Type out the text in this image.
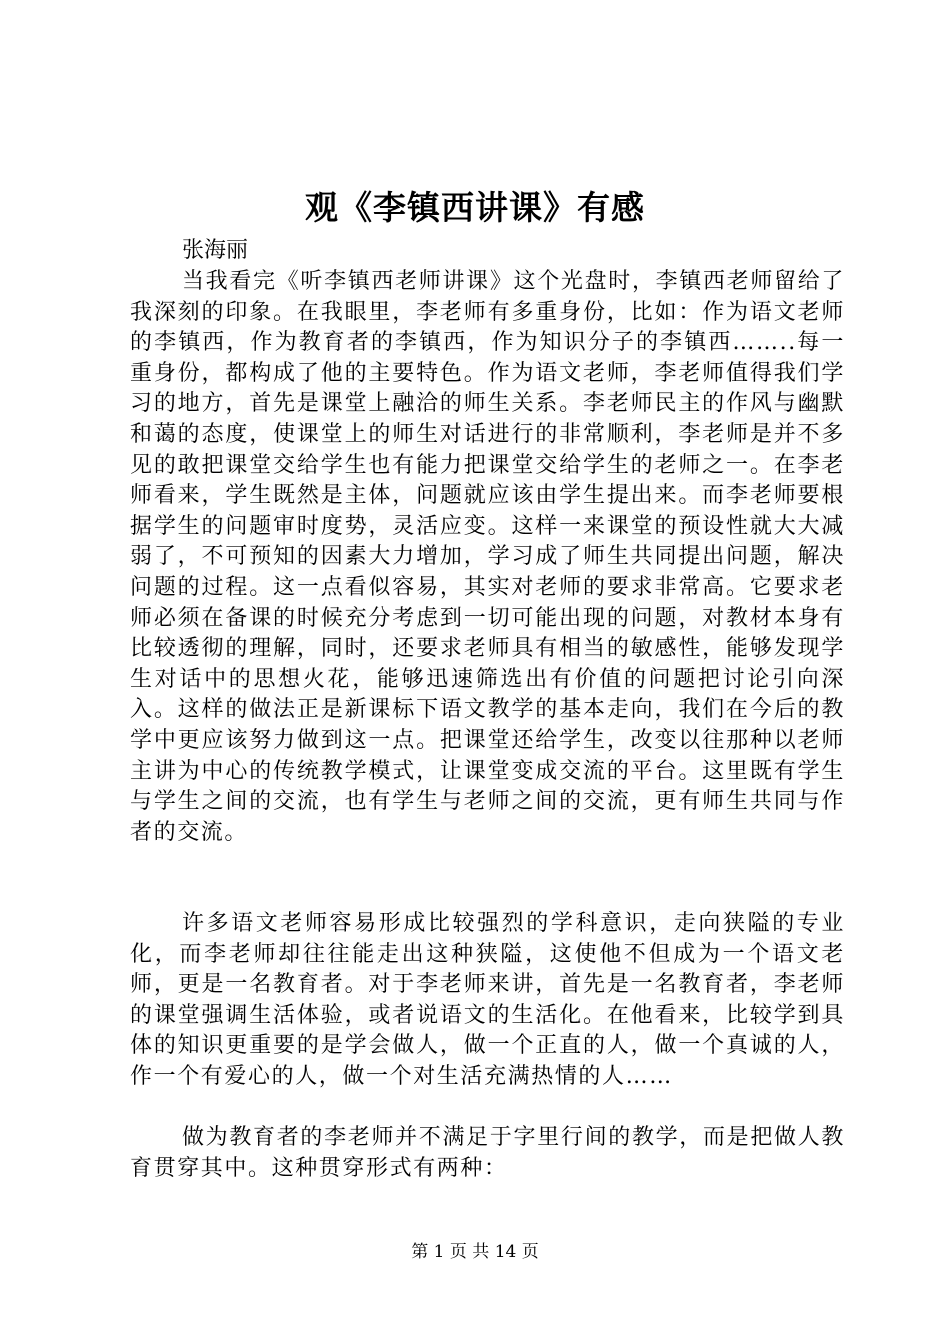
观《李镇西讲课》有感
张海丽

当我看完《听李镇西老师讲课》这个光盘时，李镇西老师留给了我深刻的印象。在我眼里，李老师有多重身份，比如：作为语文老师的李镇西，作为教育者的李镇西，作为知识分子的李镇西……..每一重身份，都构成了他的主要特色。作为语文老师，李老师值得我们学习的地方，首先是课堂上融洽的师生关系。李老师民主的作风与幽默和蔼的态度，使课堂上的师生对话进行的非常顺利，李老师是并不多见的敢把课堂交给学生也有能力把课堂交给学生的老师之一。在李老师看来，学生既然是主体，问题就应该由学生提出来。而李老师要根据学生的问题审时度势，灵活应变。这样一来课堂的预设性就大大减弱了，不可预知的因素大力增加，学习成了师生共同提出问题，解决问题的过程。这一点看似容易，其实对老师的要求非常高。它要求老师必须在备课的时候充分考虑到一切可能出现的问题，对教材本身有比较透彻的理解，同时，还要求老师具有相当的敏感性，能够发现学生对话中的思想火花，能够迅速筛选出有价值的问题把讨论引向深入。这样的做法正是新课标下语文教学的基本走向，我们在今后的教学中更应该努力做到这一点。把课堂还给学生，改变以往那种以老师主讲为中心的传统教学模式，让课堂变成交流的平台。这里既有学生与学生之间的交流，也有学生与老师之间的交流，更有师生共同与作者的交流。

许多语文老师容易形成比较强烈的学科意识，走向狭隘的专业化，而李老师却往往能走出这种狭隘，这使他不但成为一个语文老师，更是一名教育者。对于李老师来讲，首先是一名教育者，李老师的课堂强调生活体验，或者说语文的生活化。在他看来，比较学到具体的知识更重要的是学会做人，做一个正直的人，做一个真诚的人，作一个有爱心的人，做一个对生活充满热情的人……

做为教育者的李老师并不满足于字里行间的教学，而是把做人教育贯穿其中。这种贯穿形式有两种：

第 1 页 共 14 页
